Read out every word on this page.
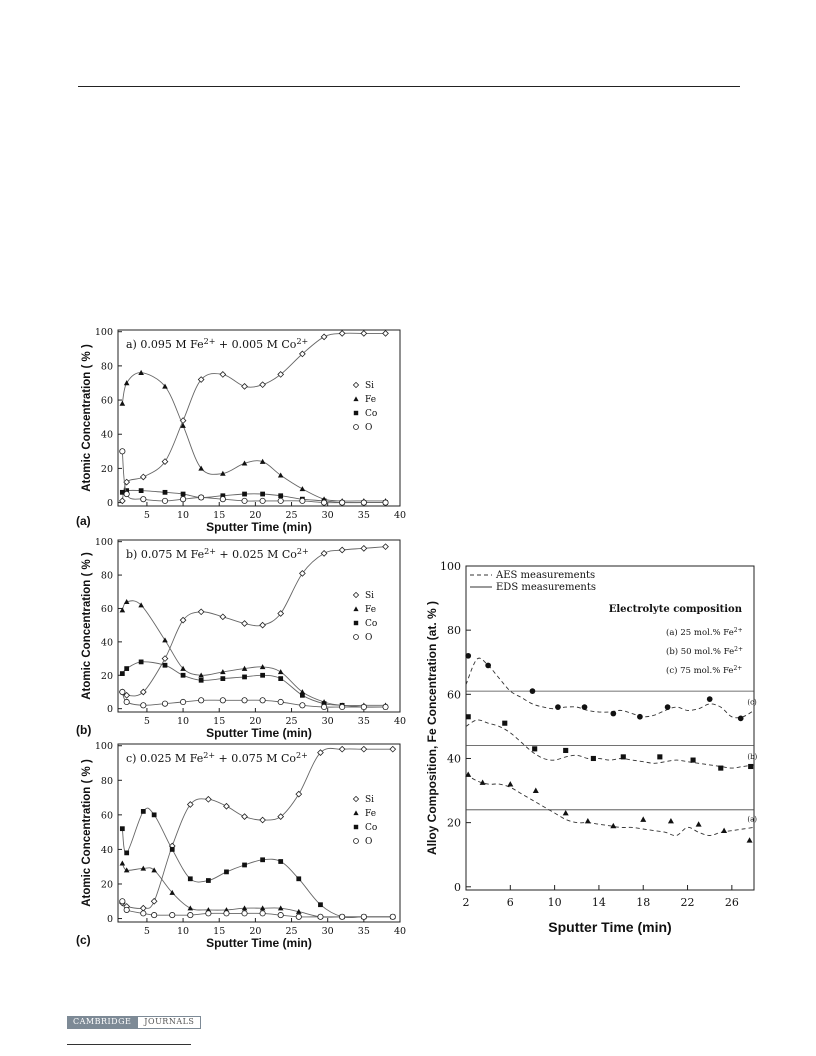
0
20
40
60
80
100
5	10	15	20	25	30	35	40
Sputter Time (min)
Atomic Concentration ( % )	a) 0.095 M $Fe^{2+} + 0.005$ M $Co^{2+}$
Si
Fe
Co
O
(a)
0
20
40
60
80
100
5	10	15	20	25	30	35	40
Sputter Time (min)
Atomic Concentration ( % )	b) 0.075 M $Fe^{2+} + 0.025$ M $Co^{2+}$
Si
Fe
Co
O
(b)
0
20
40
60
80
100
5	10	15	20	25	30	35	40
Sputter Time (min)
Atomic Concentration ( % )
c) 0.025 M $Fe^{2+} + 0.075$ M $Co^{2+}$
Si
Fe
Co
O
(c)
0
20
40
60
80
100
2	6	10	14	18	22	26
Sputter Time (min)
Alloy Composition, Fe Concentration (at. % )	(c)
(b)
(a)
AES measurements
EDS measurements
Electrolyte composition
(a) 25 mol.% $Fe^{2+}$
(b) 50 mol.% $Fe^{2+}$
(c) 75 mol.% $Fe^{2+}$
CAMBRIDGE	JOURNALS
